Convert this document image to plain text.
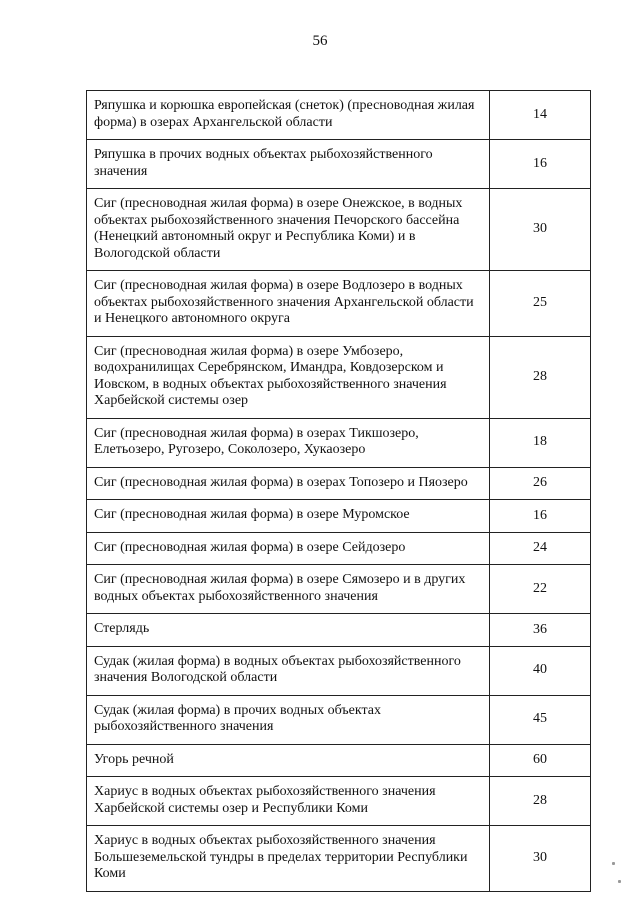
56
Ряпушка и корюшка европейская (снеток) (пресноводная жилая форма) в озерах Архангельской области	14
Ряпушка в прочих водных объектах рыбохозяйственного значения	16
Сиг (пресноводная жилая форма) в озере Онежское, в водных объектах рыбохозяйственного значения Печорского бассейна (Ненецкий автономный округ и Республика Коми) и в Вологодской области	30
Сиг (пресноводная жилая форма) в озере Водлозеро в водных объектах рыбохозяйственного значения Архангельской области и Ненецкого автономного округа	25
Сиг (пресноводная жилая форма) в озере Умбозеро, водохранилищах Серебрянском, Имандра, Ковдозерском и Иовском, в водных объектах рыбохозяйственного значения Харбейской системы озер	28
Сиг (пресноводная жилая форма) в озерах Тикшозеро, Елетьозеро, Ругозеро, Соколозеро, Хукаозеро	18
Сиг (пресноводная жилая форма) в озерах Топозеро и Пяозеро	26
Сиг (пресноводная жилая форма) в озере Муромское	16
Сиг (пресноводная жилая форма) в озере Сейдозеро	24
Сиг (пресноводная жилая форма) в озере Сямозеро и в других водных объектах рыбохозяйственного значения	22
Стерлядь	36
Судак (жилая форма) в водных объектах рыбохозяйственного значения Вологодской области	40
Судак (жилая форма) в прочих водных объектах рыбохозяйственного значения	45
Угорь речной	60
Хариус в водных объектах рыбохозяйственного значения Харбейской системы озер и Республики Коми	28
Хариус в водных объектах рыбохозяйственного значения Большеземельской тундры в пределах территории Республики Коми	30
